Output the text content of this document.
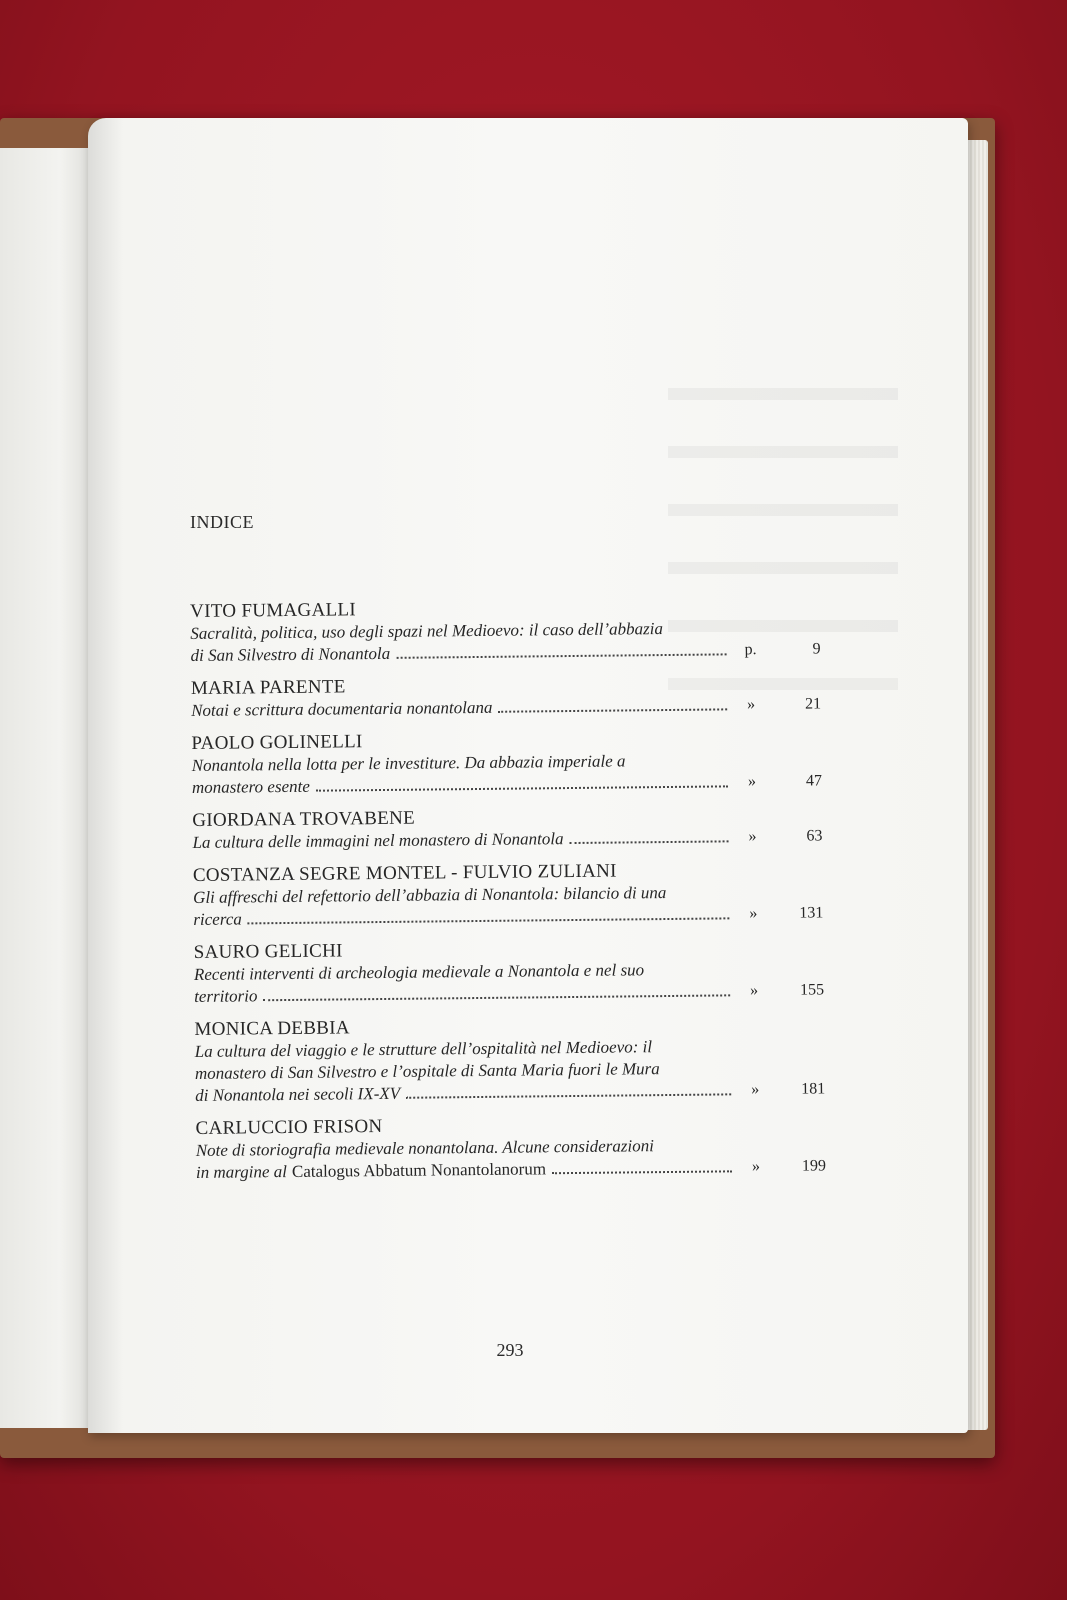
INDICE
VITO FUMAGALLI
Sacralità, politica, uso degli spazi nel Medioevo: il caso dell’abbazia
di San Silvestro di Nonantola	p.	9
MARIA PARENTE
Notai e scrittura documentaria nonantolana	»	21
PAOLO GOLINELLI
Nonantola nella lotta per le investiture. Da abbazia imperiale a
monastero esente	»	47
GIORDANA TROVABENE
La cultura delle immagini nel monastero di Nonantola	»	63
COSTANZA SEGRE MONTEL - FULVIO ZULIANI
Gli affreschi del refettorio dell’abbazia di Nonantola: bilancio di una
ricerca	»	131
SAURO GELICHI
Recenti interventi di archeologia medievale a Nonantola e nel suo
territorio	»	155
MONICA DEBBIA
La cultura del viaggio e le strutture dell’ospitalità nel Medioevo: il
monastero di San Silvestro e l’ospitale di Santa Maria fuori le Mura
di Nonantola nei secoli IX-XV	»	181
CARLUCCIO FRISON
Note di storiografia medievale nonantolana. Alcune considerazioni
in margine al Catalogus Abbatum Nonantolanorum	»	199
293
